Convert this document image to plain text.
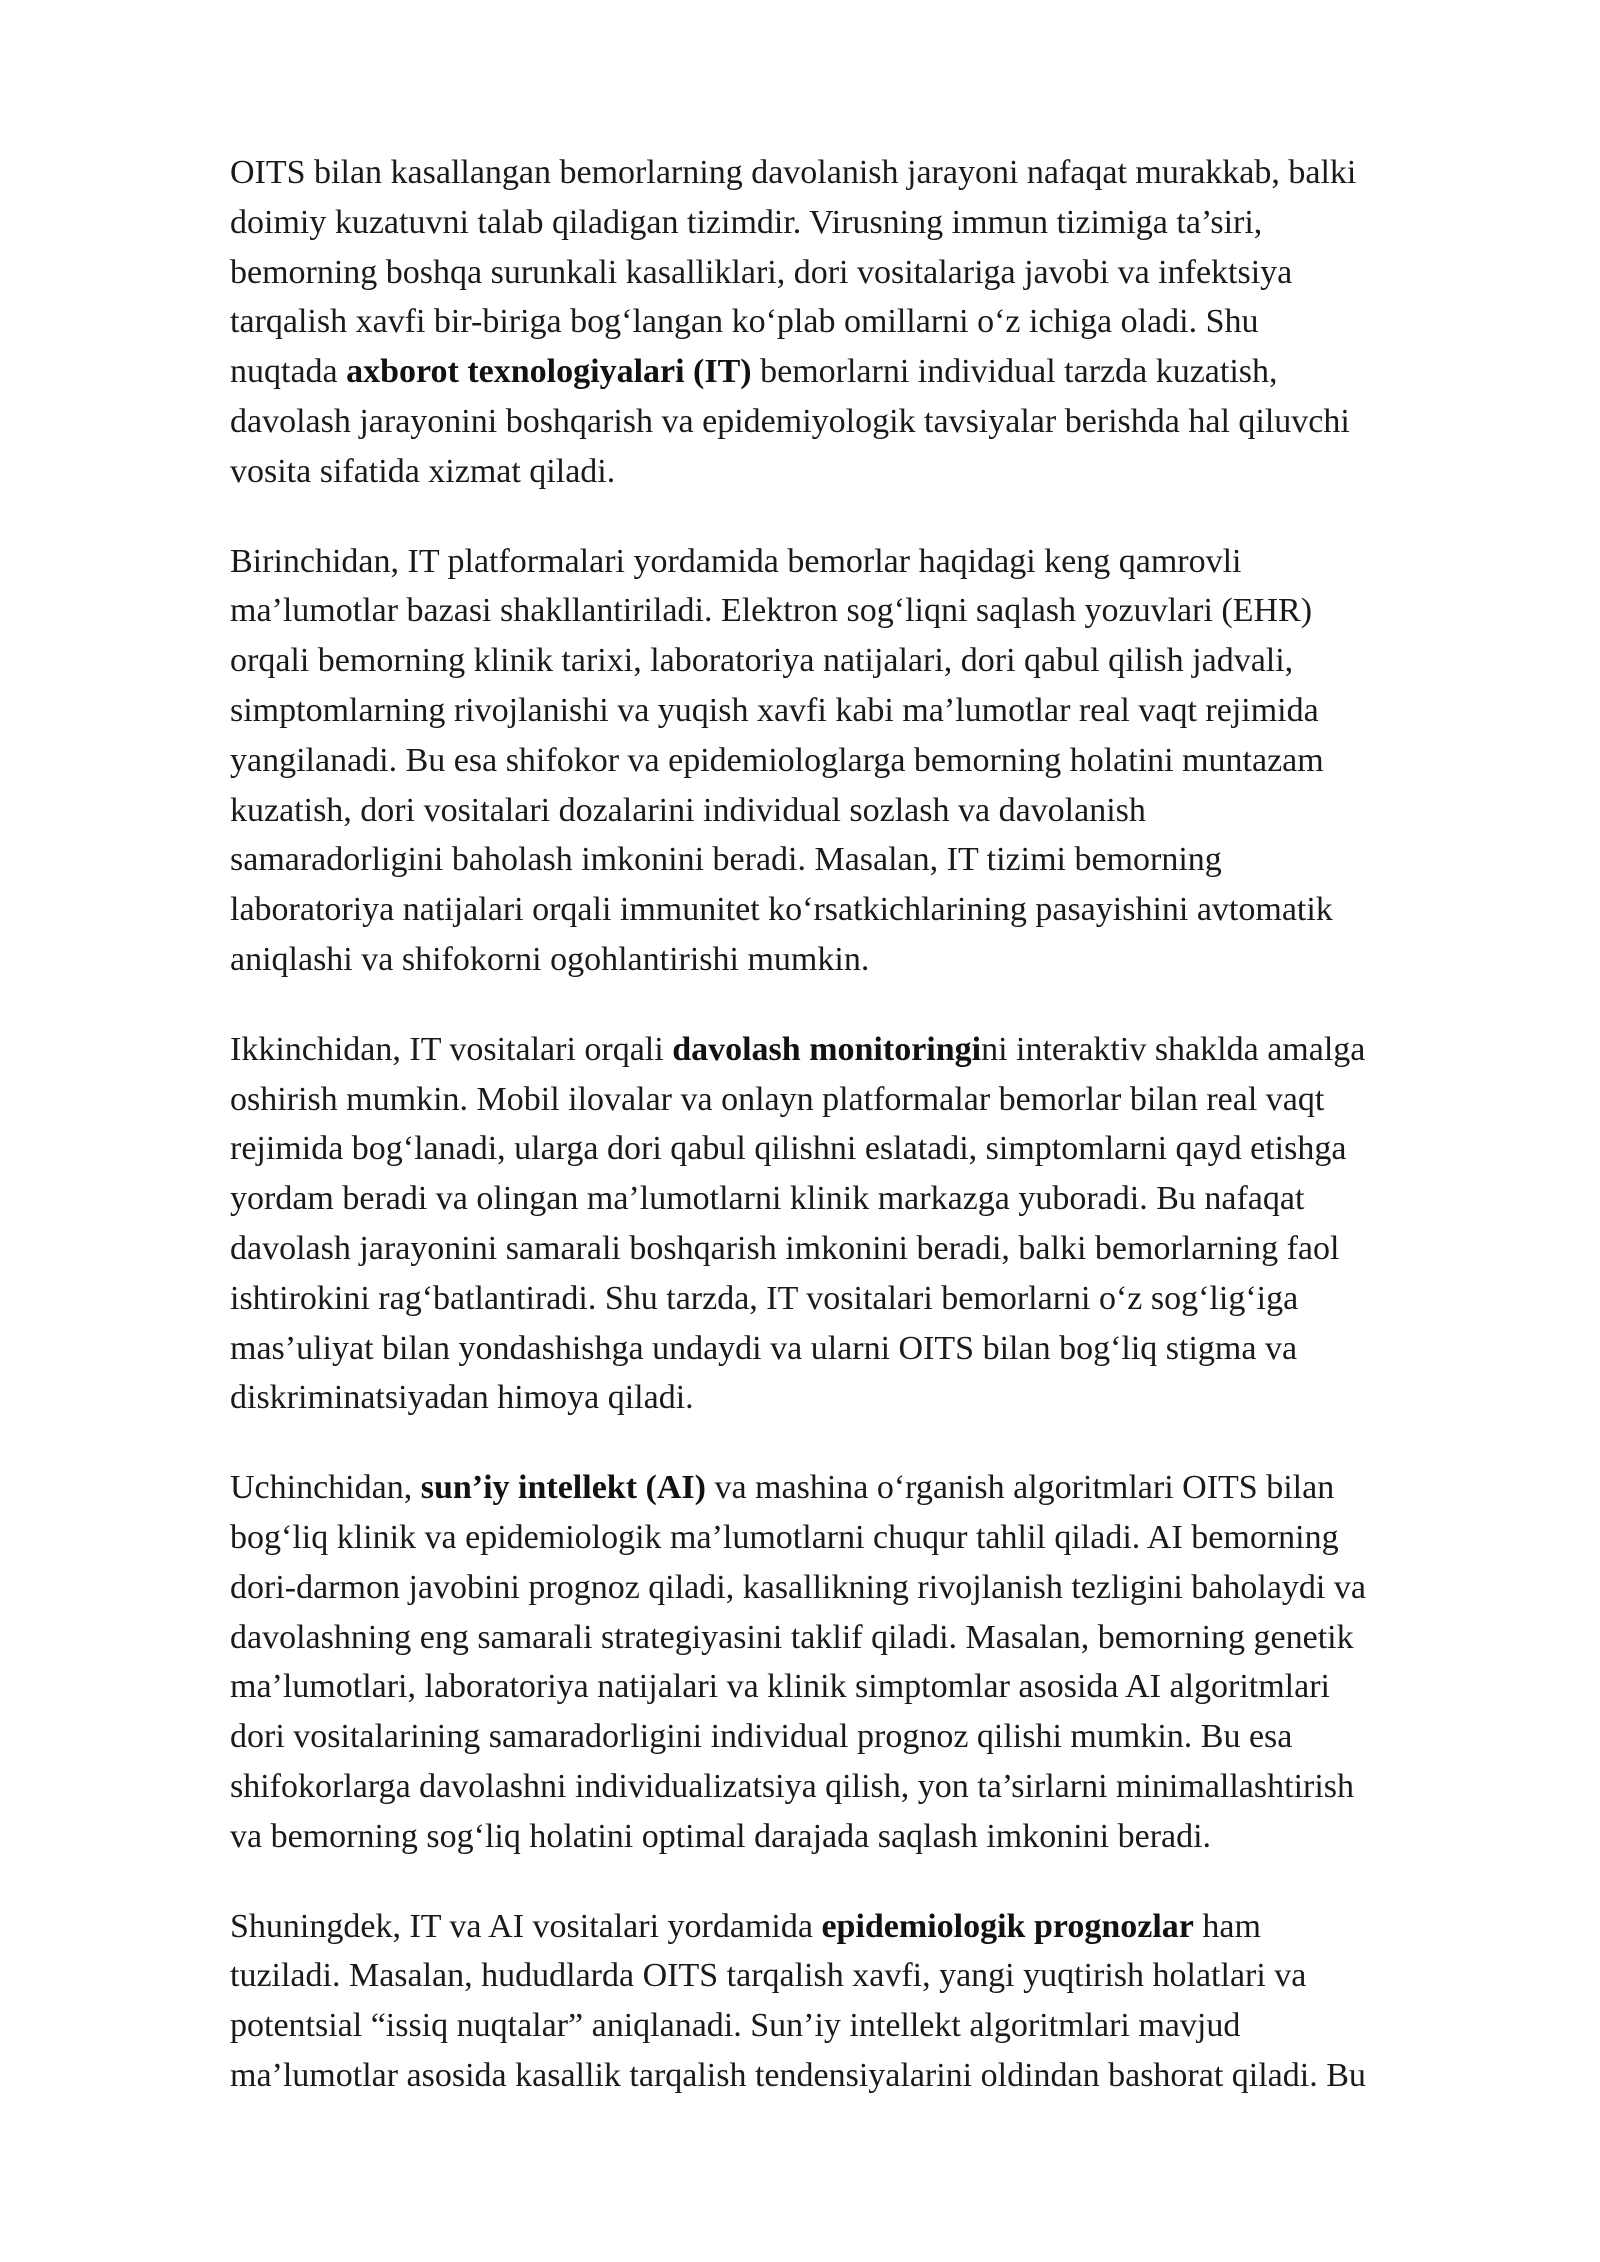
OITS bilan kasallangan bemorlarning davolanish jarayoni nafaqat murakkab, balki
doimiy kuzatuvni talab qiladigan tizimdir. Virusning immun tizimiga ta’siri,
bemorning boshqa surunkali kasalliklari, dori vositalariga javobi va infektsiya
tarqalish xavfi bir-biriga bog‘langan ko‘plab omillarni o‘z ichiga oladi. Shu
nuqtada axborot texnologiyalari (IT) bemorlarni individual tarzda kuzatish,
davolash jarayonini boshqarish va epidemiyologik tavsiyalar berishda hal qiluvchi
vosita sifatida xizmat qiladi.

Birinchidan, IT platformalari yordamida bemorlar haqidagi keng qamrovli
ma’lumotlar bazasi shakllantiriladi. Elektron sog‘liqni saqlash yozuvlari (EHR)
orqali bemorning klinik tarixi, laboratoriya natijalari, dori qabul qilish jadvali,
simptomlarning rivojlanishi va yuqish xavfi kabi ma’lumotlar real vaqt rejimida
yangilanadi. Bu esa shifokor va epidemiologlarga bemorning holatini muntazam
kuzatish, dori vositalari dozalarini individual sozlash va davolanish
samaradorligini baholash imkonini beradi. Masalan, IT tizimi bemorning
laboratoriya natijalari orqali immunitet ko‘rsatkichlarining pasayishini avtomatik
aniqlashi va shifokorni ogohlantirishi mumkin.

Ikkinchidan, IT vositalari orqali davolash monitoringini interaktiv shaklda amalga
oshirish mumkin. Mobil ilovalar va onlayn platformalar bemorlar bilan real vaqt
rejimida bog‘lanadi, ularga dori qabul qilishni eslatadi, simptomlarni qayd etishga
yordam beradi va olingan ma’lumotlarni klinik markazga yuboradi. Bu nafaqat
davolash jarayonini samarali boshqarish imkonini beradi, balki bemorlarning faol
ishtirokini rag‘batlantiradi. Shu tarzda, IT vositalari bemorlarni o‘z sog‘lig‘iga
mas’uliyat bilan yondashishga undaydi va ularni OITS bilan bog‘liq stigma va
diskriminatsiyadan himoya qiladi.

Uchinchidan, sun’iy intellekt (AI) va mashina o‘rganish algoritmlari OITS bilan
bog‘liq klinik va epidemiologik ma’lumotlarni chuqur tahlil qiladi. AI bemorning
dori-darmon javobini prognoz qiladi, kasallikning rivojlanish tezligini baholaydi va
davolashning eng samarali strategiyasini taklif qiladi. Masalan, bemorning genetik
ma’lumotlari, laboratoriya natijalari va klinik simptomlar asosida AI algoritmlari
dori vositalarining samaradorligini individual prognoz qilishi mumkin. Bu esa
shifokorlarga davolashni individualizatsiya qilish, yon ta’sirlarni minimallashtirish
va bemorning sog‘liq holatini optimal darajada saqlash imkonini beradi.

Shuningdek, IT va AI vositalari yordamida epidemiologik prognozlar ham
tuziladi. Masalan, hududlarda OITS tarqalish xavfi, yangi yuqtirish holatlari va
potentsial “issiq nuqtalar” aniqlanadi. Sun’iy intellekt algoritmlari mavjud
ma’lumotlar asosida kasallik tarqalish tendensiyalarini oldindan bashorat qiladi. Bu
